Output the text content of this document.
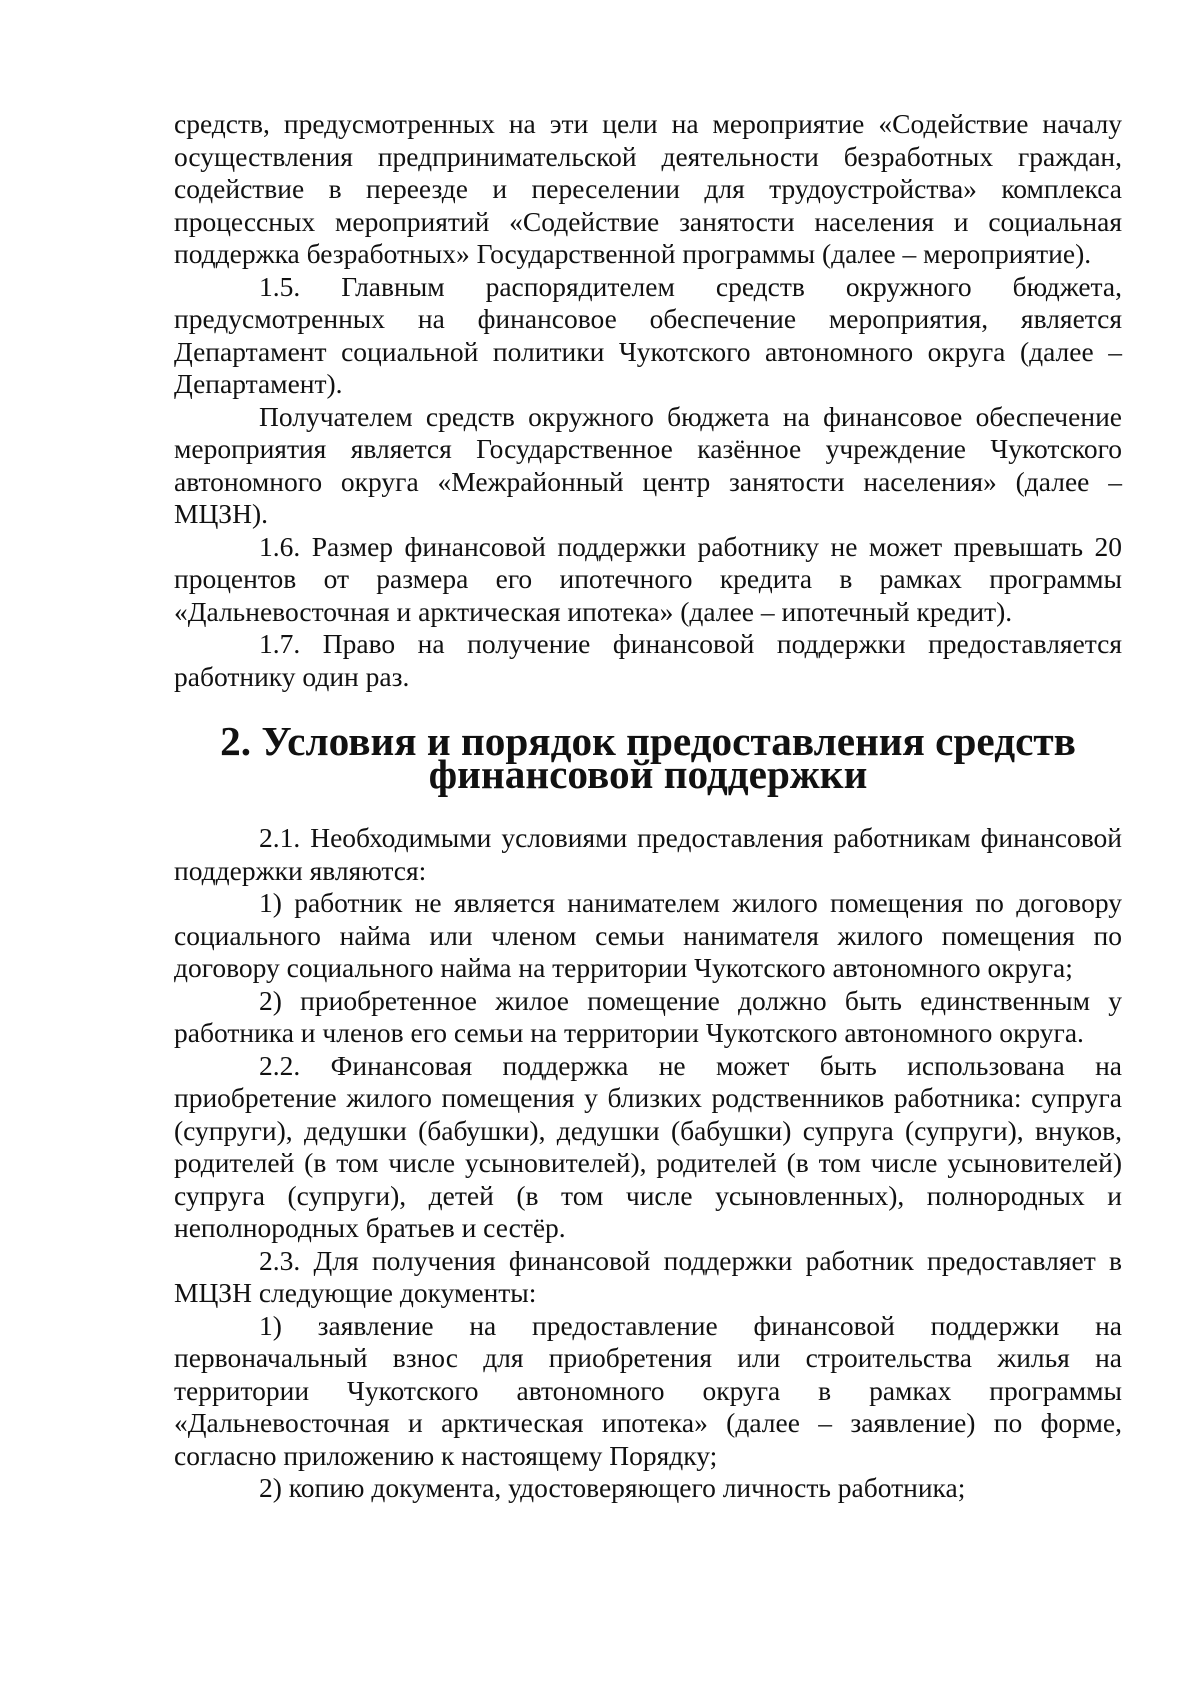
средств, предусмотренных на эти цели на мероприятие «Содействие началу осуществления предпринимательской деятельности безработных граждан, содействие в переезде и переселении для трудоустройства» комплекса процессных мероприятий «Содействие занятости населения и социальная поддержка безработных» Государственной программы (далее – мероприятие).

1.5. Главным распорядителем средств окружного бюджета, предусмотренных на финансовое обеспечение мероприятия, является Департамент социальной политики Чукотского автономного округа (далее – Департамент).

Получателем средств окружного бюджета на финансовое обеспечение мероприятия является Государственное казённое учреждение Чукотского автономного округа «Межрайонный центр занятости населения» (далее – МЦЗН).

1.6. Размер финансовой поддержки работнику не может превышать 20 процентов от размера его ипотечного кредита в рамках программы «Дальневосточная и арктическая ипотека» (далее – ипотечный кредит).

1.7. Право на получение финансовой поддержки предоставляется работнику один раз.

2. Условия и порядок предоставления средств финансовой поддержки

2.1. Необходимыми условиями предоставления работникам финансовой поддержки являются:

1) работник не является нанимателем жилого помещения по договору социального найма или членом семьи нанимателя жилого помещения по договору социального найма на территории Чукотского автономного округа;

2) приобретенное жилое помещение должно быть единственным у работника и членов его семьи на территории Чукотского автономного округа.

2.2. Финансовая поддержка не может быть использована на приобретение жилого помещения у близких родственников работника: супруга (супруги), дедушки (бабушки), дедушки (бабушки) супруга (супруги), внуков, родителей (в том числе усыновителей), родителей (в том числе усыновителей) супруга (супруги), детей (в том числе усыновленных), полнородных и неполнородных братьев и сестёр.

2.3. Для получения финансовой поддержки работник предоставляет в МЦЗН следующие документы:

1) заявление на предоставление финансовой поддержки на первоначальный взнос для приобретения или строительства жилья на территории Чукотского автономного округа в рамках программы «Дальневосточная и арктическая ипотека» (далее – заявление) по форме, согласно приложению к настоящему Порядку;

2) копию документа, удостоверяющего личность работника;
